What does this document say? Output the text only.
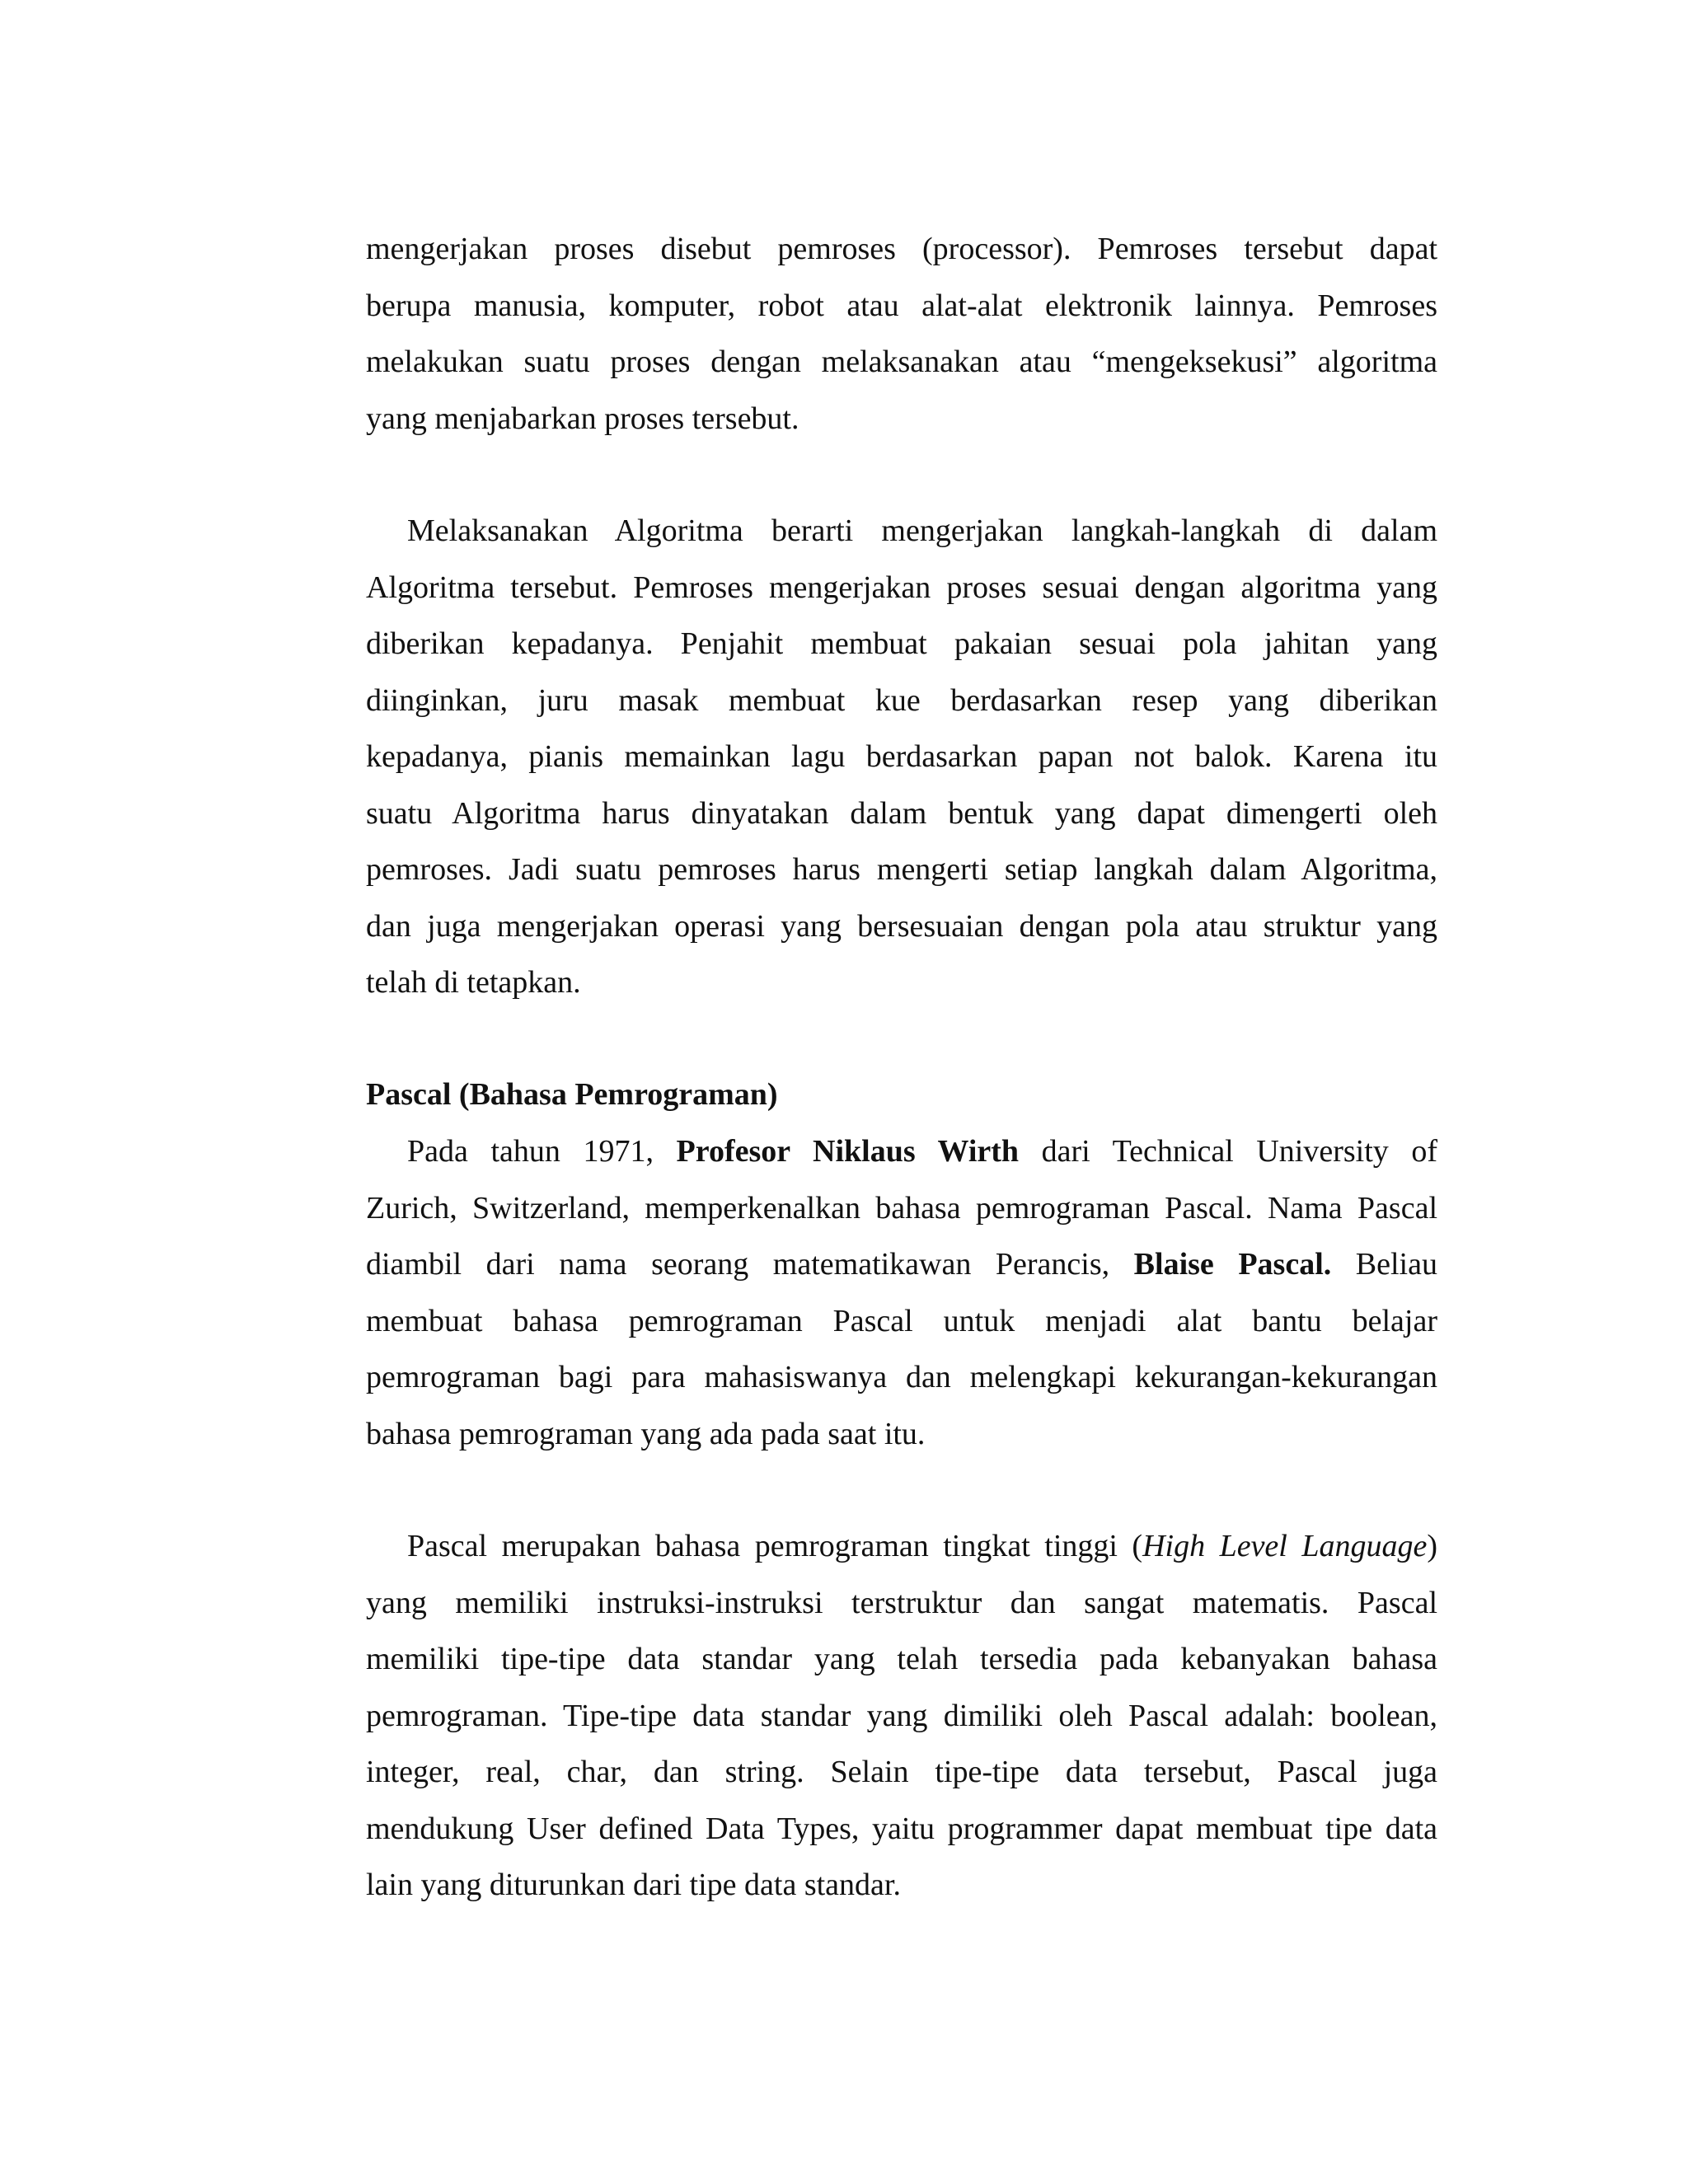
mengerjakan proses disebut pemroses (processor). Pemroses tersebut dapat
berupa manusia, komputer, robot atau alat-alat elektronik lainnya. Pemroses
melakukan suatu proses dengan melaksanakan atau “mengeksekusi” algoritma
yang menjabarkan proses tersebut.
Melaksanakan Algoritma berarti mengerjakan langkah-langkah di dalam
Algoritma tersebut. Pemroses mengerjakan proses sesuai dengan algoritma yang
diberikan kepadanya. Penjahit membuat pakaian sesuai pola jahitan yang
diinginkan, juru masak membuat kue berdasarkan resep yang diberikan
kepadanya, pianis memainkan lagu berdasarkan papan not balok. Karena itu
suatu Algoritma harus dinyatakan dalam bentuk yang dapat dimengerti oleh
pemroses. Jadi suatu pemroses harus mengerti setiap langkah dalam Algoritma,
dan juga mengerjakan operasi yang bersesuaian dengan pola atau struktur yang
telah di tetapkan.
Pascal (Bahasa Pemrograman)
Pada tahun 1971, Profesor Niklaus Wirth dari Technical University of
Zurich, Switzerland, memperkenalkan bahasa pemrograman Pascal. Nama Pascal
diambil dari nama seorang matematikawan Perancis, Blaise Pascal. Beliau
membuat bahasa pemrograman Pascal untuk menjadi alat bantu belajar
pemrograman bagi para mahasiswanya dan melengkapi kekurangan-kekurangan
bahasa pemrograman yang ada pada saat itu.
Pascal merupakan bahasa pemrograman tingkat tinggi (High Level Language)
yang memiliki instruksi-instruksi terstruktur dan sangat matematis. Pascal
memiliki tipe-tipe data standar yang telah tersedia pada kebanyakan bahasa
pemrograman. Tipe-tipe data standar yang dimiliki oleh Pascal adalah: boolean,
integer, real, char, dan string. Selain tipe-tipe data tersebut, Pascal juga
mendukung User defined Data Types, yaitu programmer dapat membuat tipe data
lain yang diturunkan dari tipe data standar.
